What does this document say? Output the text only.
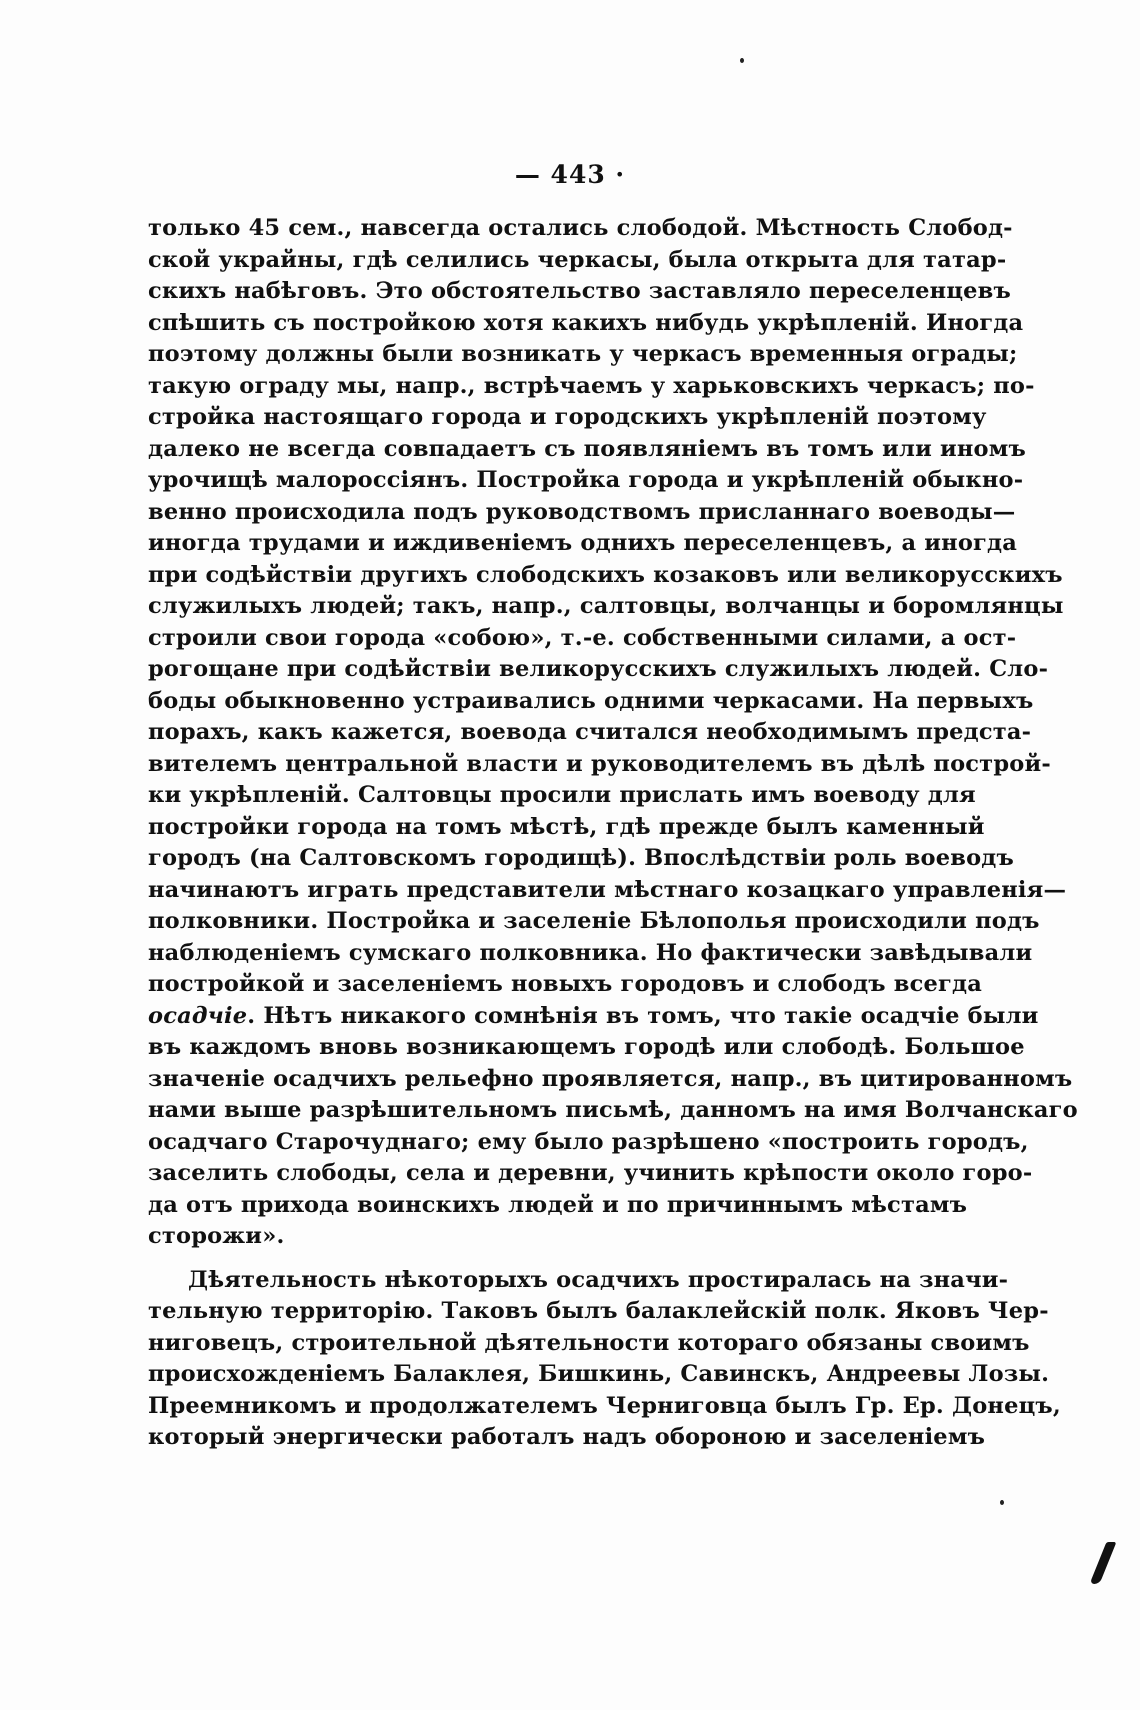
— 443 ·
только 45 сем., навсегда остались слободой. Мѣстность Слобод-
ской украйны, гдѣ селились черкасы, была открыта для татар-
скихъ набѣговъ. Это обстоятельство заставляло переселенцевъ
спѣшить съ постройкою хотя какихъ нибудь укрѣпленій. Иногда
поэтому должны были возникать у черкасъ временныя ограды;
такую ограду мы, напр., встрѣчаемъ у харьковскихъ черкасъ; по-
стройка настоящаго города и городскихъ укрѣпленій поэтому
далеко не всегда совпадаетъ съ появляніемъ въ томъ или иномъ
урочищѣ малороссіянъ. Постройка города и укрѣпленій обыкно-
венно происходила подъ руководствомъ присланнаго воеводы—
иногда трудами и иждивеніемъ однихъ переселенцевъ, а иногда
при содѣйствіи другихъ слободскихъ козаковъ или великорусскихъ
служилыхъ людей; такъ, напр., салтовцы, волчанцы и боромлянцы
строили свои города «собою», т.-е. собственными силами, а ост-
рогощане при содѣйствіи великорусскихъ служилыхъ людей. Сло-
боды обыкновенно устраивались одними черкасами. На первыхъ
порахъ, какъ кажется, воеводa считался необходимымъ предста-
вителемъ центральной власти и руководителемъ въ дѣлѣ построй-
ки укрѣпленій. Салтовцы просили прислать имъ воеводу для
постройки города на томъ мѣстѣ, гдѣ прежде былъ каменный
городъ (на Салтовскомъ городищѣ). Впослѣдствіи роль воеводъ
начинаютъ играть представители мѣстнаго козацкаго управленія—
полковники. Постройка и заселеніе Бѣлополья происходили подъ
наблюденіемъ сумскаго полковника. Но фактически завѣдывали
постройкой и заселеніемъ новыхъ городовъ и слободъ всегда
осадчіе. Нѣтъ никакого сомнѣнія въ томъ, что такіе осадчіе были
въ каждомъ вновь возникающемъ городѣ или слободѣ. Большое
значеніе осадчихъ рельефно проявляется, напр., въ цитированномъ
нами выше разрѣшительномъ письмѣ, данномъ на имя Волчанскаго
осадчаго Старочуднаго; ему было разрѣшено «построить городъ,
заселить слободы, села и деревни, учинить крѣпости около горо-
да отъ прихода воинскихъ людей и по причиннымъ мѣстамъ
сторожи».
Дѣятельность нѣкоторыхъ осадчихъ простиралась на значи-
тельную территорію. Таковъ былъ балаклейскій полк. Яковъ Чер-
ниговецъ, строительной дѣятельности котораго обязаны своимъ
происхожденіемъ Балаклея, Бишкинь, Савинскъ, Андреевы Лозы.
Преемникомъ и продолжателемъ Черниговца былъ Гр. Ер. Донецъ,
который энергически работалъ надъ обороною и заселеніемъ
